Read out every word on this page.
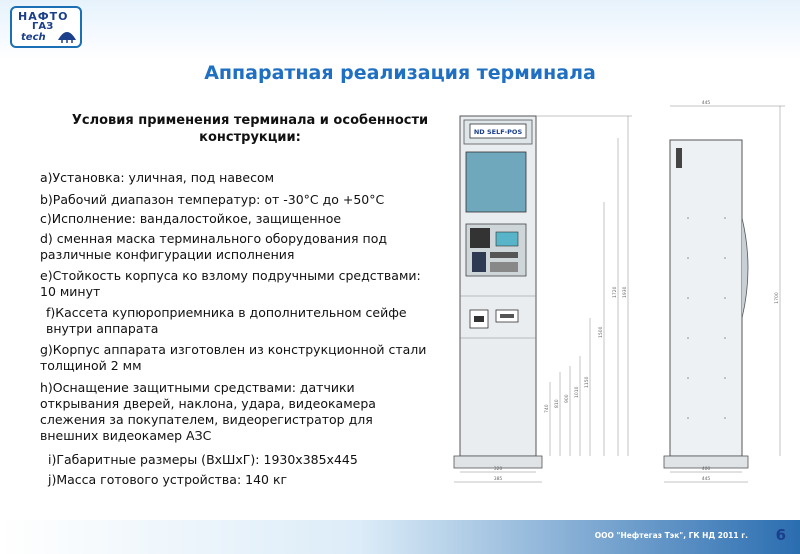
НАФТО
ГАЗ
tech
Аппаратная реализация терминала
Условия применения терминала и особенности конструкции:
a)Установка: уличная, под навесом
b)Рабочий диапазон температур: от -30°С до +50°С
c)Исполнение: вандалостойкое, защищенное
d) сменная маска терминального оборудования под различные конфигурации исполнения
e)Стойкость корпуса ко взлому подручными средствами: 10 минут
f)Кассета купюроприемника в дополнительном сейфе внутри аппарата
g)Корпус аппарата изготовлен из конструкционной стали толщиной 2 мм
h)Оснащение защитными средствами: датчики открывания дверей, наклона, удара, видеокамера слежения за покупателем, видеорегистратор для внешних видеокамер АЗС
i)Габаритные размеры (ВхШхГ): 1930х385х445
j)Масса готового устройства: 140 кг
ND SELF-POS
1930
1720
1500
1150
1010
900
810
740
320
385
445
400
445
1700
ООО "Нефтегаз Тэк", ГК НД 2011 г. 6
